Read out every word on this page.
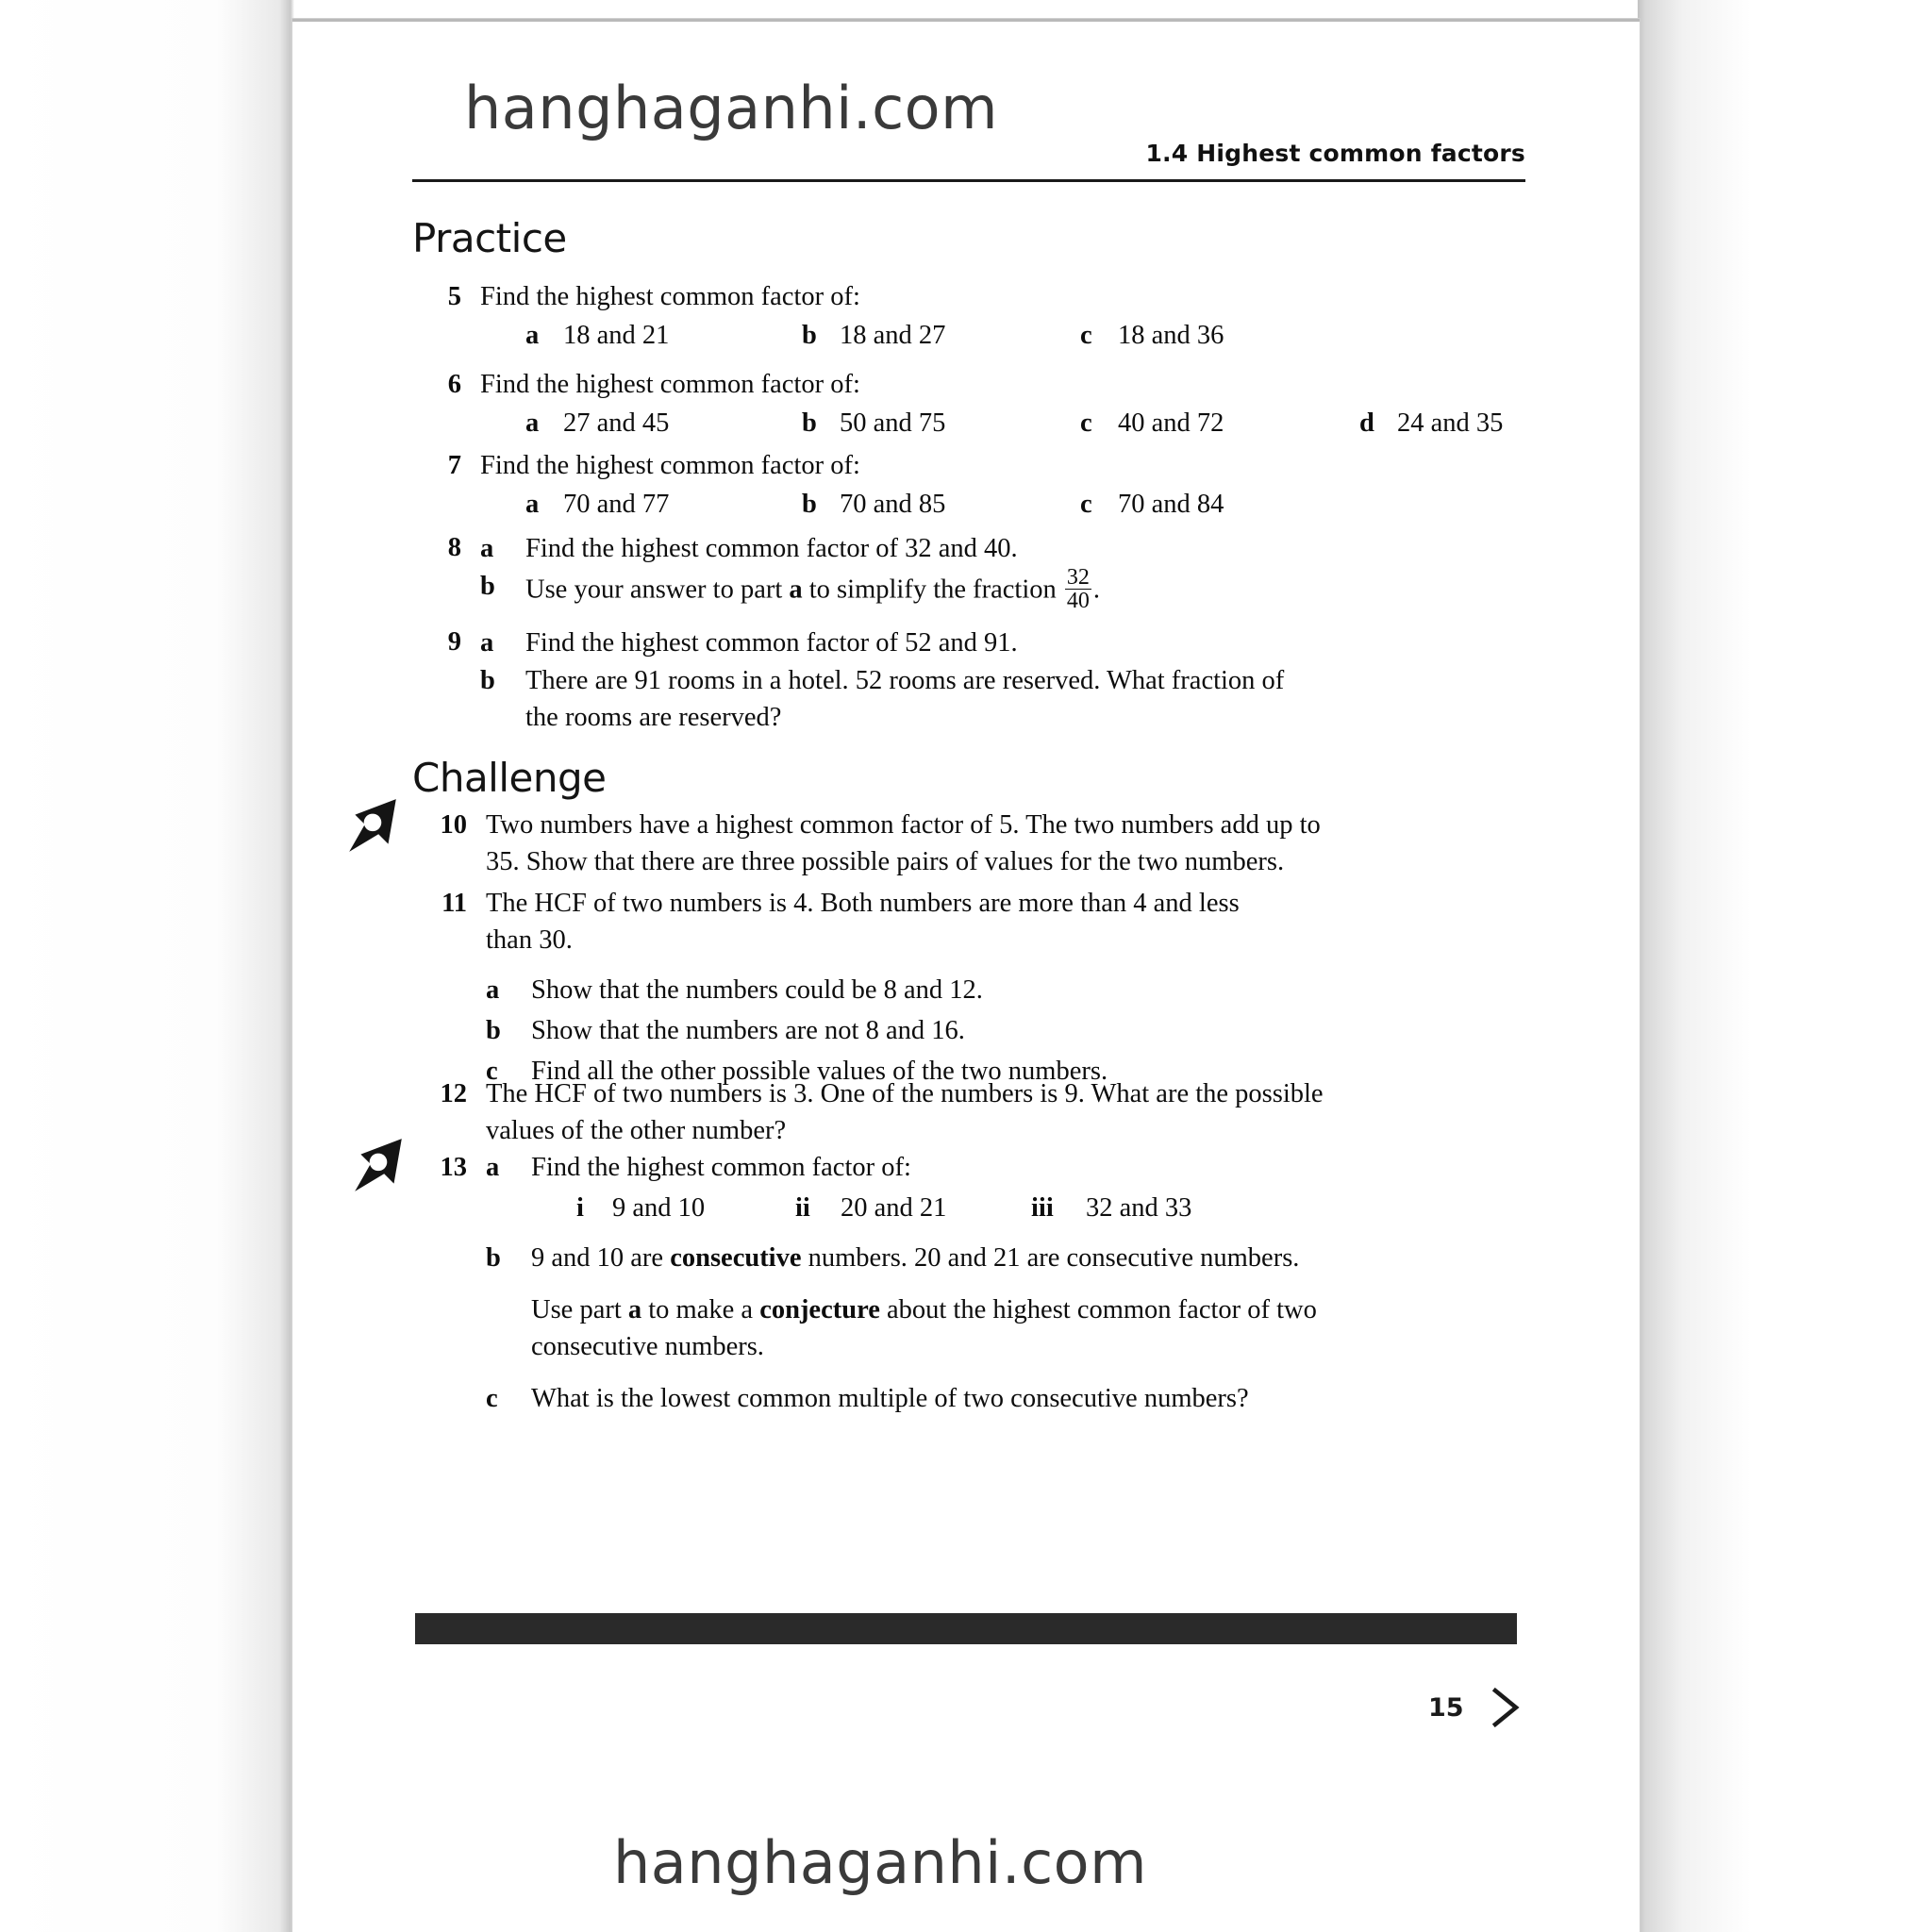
hanghaganhi.com
1.4 Highest common factors
Practice
5 Find the highest common factor of:
a 18 and 21	b 18 and 27	c 18 and 36
6 Find the highest common factor of:
a 27 and 45	b 50 and 75	c 40 and 72	d 24 and 35
7 Find the highest common factor of:
a 70 and 77	b 70 and 85	c 70 and 84
8 a Find the highest common factor of 32 and 40.
b Use your answer to part a to simplify the fraction $\frac{32}{40}$ .
9 a Find the highest common factor of 52 and 91.
b There are 91 rooms in a hotel. 52 rooms are reserved. What fraction of
the rooms are reserved?
Challenge
10 Two numbers have a highest common factor of 5. The two numbers add up to
35. Show that there are three possible pairs of values for the two numbers.
11 The HCF of two numbers is 4. Both numbers are more than 4 and less
than 30.
a Show that the numbers could be 8 and 12.
b Show that the numbers are not 8 and 16.
c Find all the other possible values of the two numbers.
12 The HCF of two numbers is 3. One of the numbers is 9. What are the possible
values of the other number?
13 a Find the highest common factor of:
i 9 and 10	ii 20 and 21	iii 32 and 33
b 9 and 10 are consecutive numbers. 20 and 21 are consecutive numbers.
Use part a to make a conjecture about the highest common factor of two
consecutive numbers.
c What is the lowest common multiple of two consecutive numbers?
15
hanghaganhi.com
